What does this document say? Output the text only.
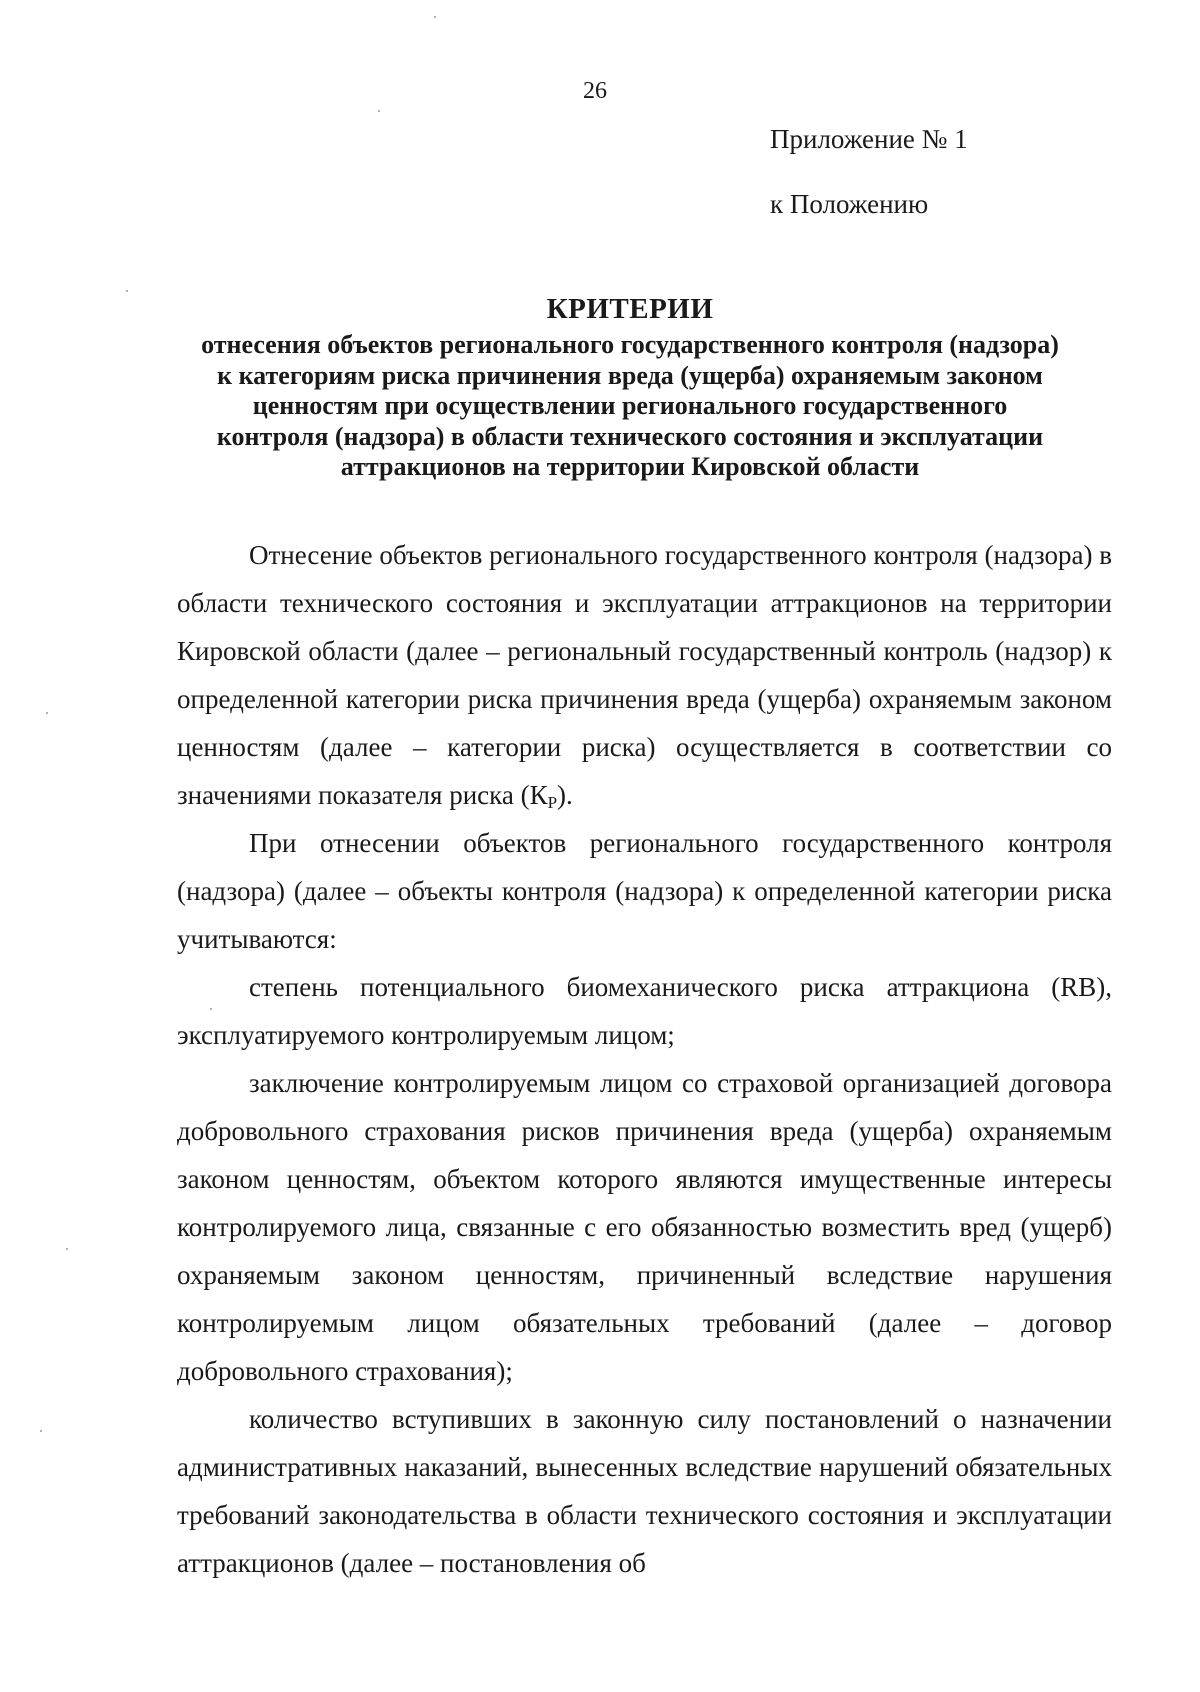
26
Приложение № 1
к Положению
КРИТЕРИИ
отнесения объектов регионального государственного контроля (надзора)
к категориям риска причинения вреда (ущерба) охраняемым законом
ценностям при осуществлении регионального государственного
контроля (надзора) в области технического состояния и эксплуатации
аттракционов на территории Кировской области

Отнесение объектов регионального государственного контроля (надзора) в области технического состояния и эксплуатации аттракционов на территории Кировской области (далее – региональный государственный контроль (надзор) к определенной категории риска причинения вреда (ущерба) охраняемым законом ценностям (далее – категории риска) осуществляется в соответствии со значениями показателя риска $(К_Р)$.

При отнесении объектов регионального государственного контроля (надзора) (далее – объекты контроля (надзора) к определенной категории риска учитываются:

степень потенциального биомеханического риска аттракциона (RB), эксплуатируемого контролируемым лицом;

заключение контролируемым лицом со страховой организацией договора добровольного страхования рисков причинения вреда (ущерба) охраняемым законом ценностям, объектом которого являются имущественные интересы контролируемого лица, связанные с его обязанностью возместить вред (ущерб) охраняемым законом ценностям, причиненный вследствие нарушения контролируемым лицом обязательных требований (далее – договор добровольного страхования);

количество вступивших в законную силу постановлений о назначении административных наказаний, вынесенных вследствие нарушений обязательных требований законодательства в области технического состояния и эксплуатации аттракционов (далее – постановления об
